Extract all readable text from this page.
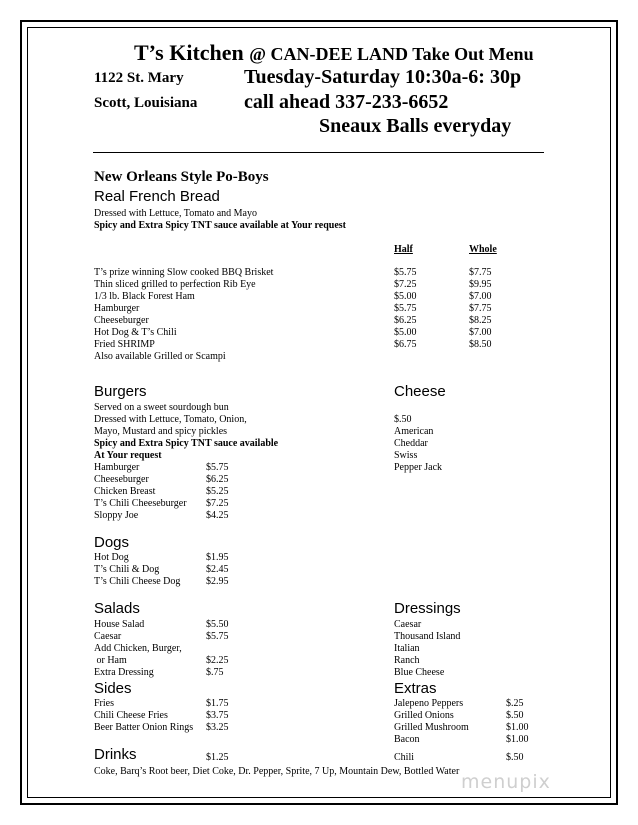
T’s Kitchen @ CAN-DEE LAND Take Out Menu
1122 St. Mary	Tuesday-Saturday 10:30a-6: 30p
Scott, Louisiana call ahead 337-233-6652
Sneaux Balls everyday
New Orleans Style Po-Boys
Real French Bread
Dressed with Lettuce, Tomato and Mayo
Spicy and Extra Spicy TNT sauce available at Your request
Half	Whole
T’s prize winning Slow cooked BBQ Brisket	$5.75	$7.75
Thin sliced grilled to perfection Rib Eye	$7.25	$9.95
1/3 lb. Black Forest Ham	$5.00	$7.00
Hamburger	$5.75	$7.75
Cheeseburger	$6.25	$8.25
Hot Dog & T’s Chili	$5.00	$7.00
Fried SHRIMP	$6.75	$8.50
Also available Grilled or Scampi
Burgers
Served on a sweet sourdough bun
Dressed with Lettuce, Tomato, Onion,
Mayo, Mustard and spicy pickles
Spicy and Extra Spicy TNT sauce available
At Your request
Hamburger	$5.75
Cheeseburger	$6.25
Chicken Breast	$5.25
T’s Chili Cheeseburger $7.25
Sloppy Joe	$4.25
Cheese
$.50
American
Cheddar
Swiss
Pepper Jack
Dogs
Hot Dog	$1.95
T’s Chili & Dog	$2.45
T’s Chili Cheese Dog	$2.95
Salads
House Salad	$5.50
Caesar	$5.75
Add Chicken, Burger,
or Ham	$2.25
Extra Dressing	$.75
Dressings
Caesar
Thousand Island
Italian
Ranch
Blue Cheese
Sides
Fries	$1.75
Chili Cheese Fries	$3.75
Beer Batter Onion Rings $3.25
Extras
Jalepeno Peppers	$.25
Grilled Onions	$.50
Grilled Mushroom	$1.00
Bacon	$1.00
Chili	$.50
Drinks	$1.25
Coke, Barq’s Root beer, Diet Coke, Dr. Pepper, Sprite, 7 Up, Mountain Dew, Bottled Water menupix
